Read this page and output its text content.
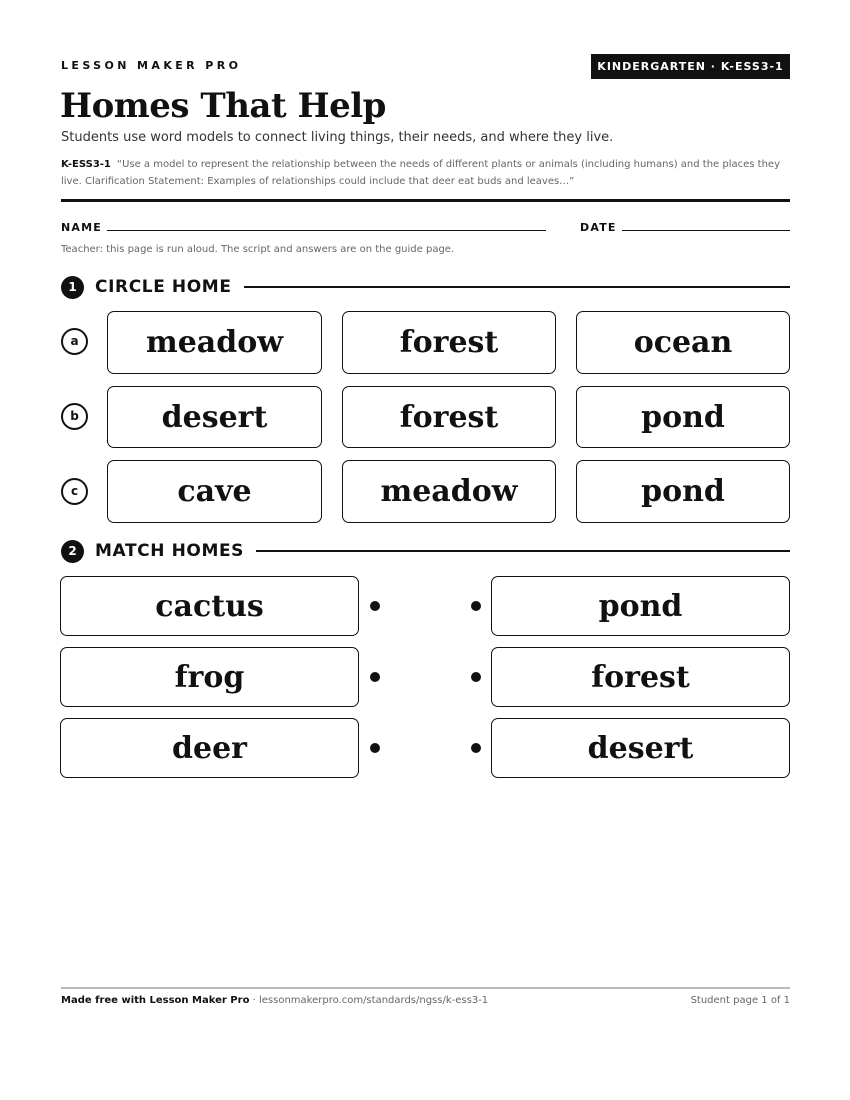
LESSON MAKER PRO	KINDERGARTEN · K-ESS3-1
Homes That Help
Students use word models to connect living things, their needs, and where they live.
K-ESS3-1 “Use a model to represent the relationship between the needs of different plants or animals (including humans) and the places they live. Clarification Statement: Examples of relationships could include that deer eat buds and leaves…”
NAME	DATE
Teacher: this page is run aloud. The script and answers are on the guide page.
1	CIRCLE HOME
a	meadow	forest	ocean
b	desert	forest	pond
c	cave	meadow	pond
2	MATCH HOMES
cactus	pond
frog	forest
deer	desert
Made free with Lesson Maker Pro · lessonmakerpro.com/standards/ngss/k-ess3-1	Student page 1 of 1
